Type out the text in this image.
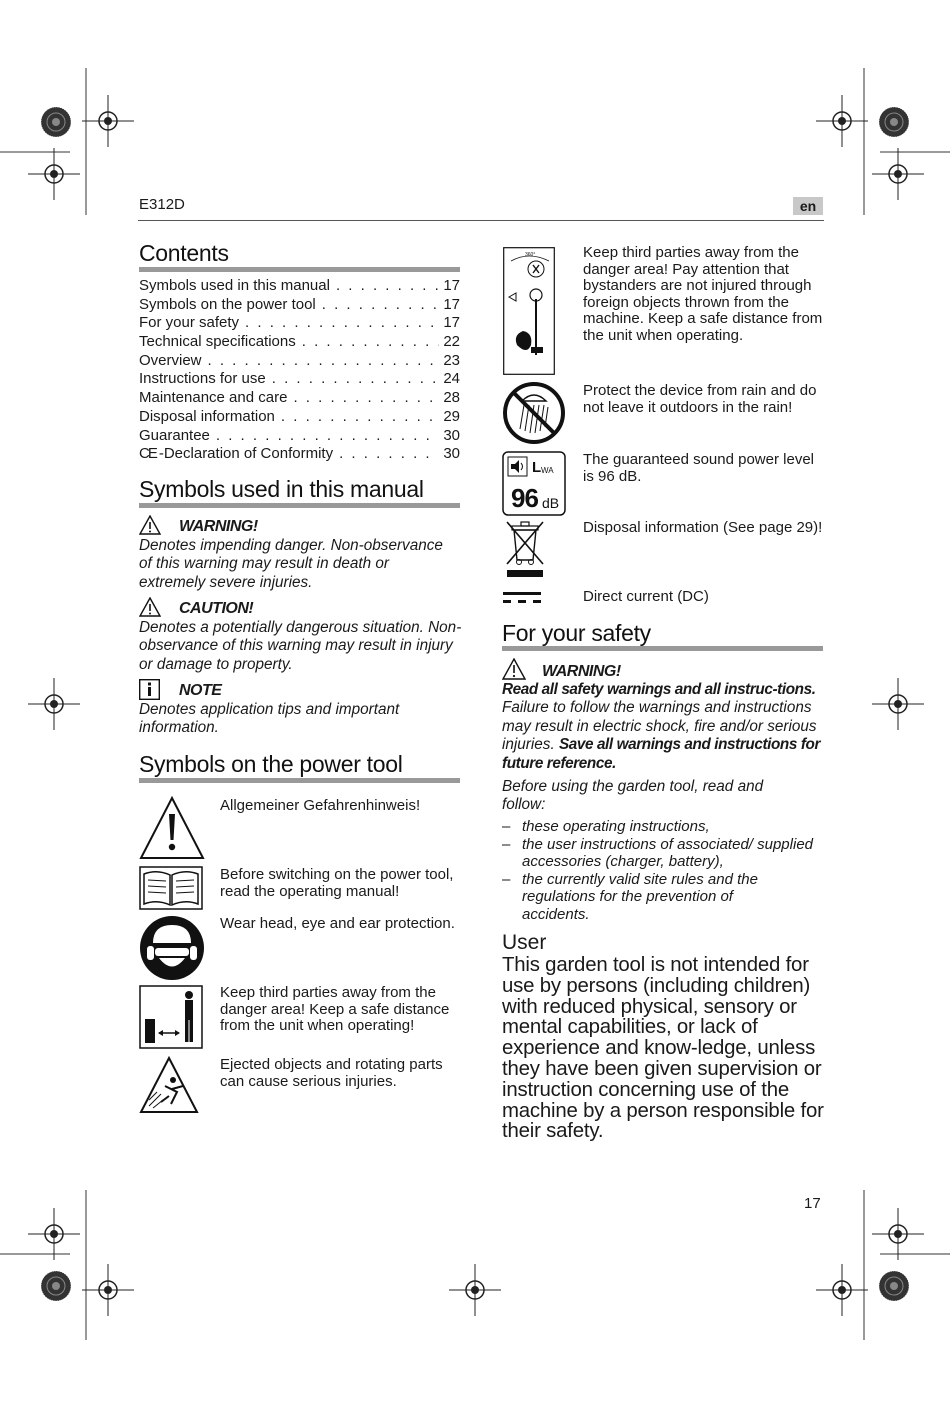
E312D	en
Contents
Symbols used in this manual . . .	17
Symbols on the power tool . . .	17
For your safety . . .	17
Technical specifications . . .	22
Overview . . .	23
Instructions for use . . .	24
Maintenance and care . . .	28
Disposal information . . .	29
Guarantee . . .	30
CE -Declaration of Conformity . . .	30
Symbols used in this manual
WARNING!
Denotes impending danger. Non-observance of this warning may result in death or extremely severe injuries.
CAUTION!
Denotes a potentially dangerous situation. Non-observance of this warning may result in injury or damage to property.
NOTE
Denotes application tips and important information.
Symbols on the power tool
Allgemeiner Gefahrenhinweis!
Before switching on the power tool, read the operating manual!
Wear head, eye and ear protection.
Keep third parties away from the danger area! Keep a safe distance from the unit when operating!
Ejected objects and rotating parts can cause serious injuries.
360°	Keep third parties away from the danger area! Pay attention that bystanders are not injured through foreign objects thrown from the machine. Keep a safe distance from the unit when operating.
Protect the device from rain and do not leave it outdoors in the rain!
L WA
96 dB
The guaranteed sound power level is 96 dB.
Disposal information (See page 29)!
Direct current (DC)
For your safety
WARNING!
Read all safety warnings and all instruc-tions. Failure to follow the warnings and instructions may result in electric shock, fire and/or serious injuries. Save all warnings and instructions for future reference.
Before using the garden tool, read and follow:
– these operating instructions,
– the user instructions of associated/ supplied accessories (charger, battery),
– the currently valid site rules and the regulations for the prevention of accidents.
User
This garden tool is not intended for use by persons (including children) with reduced physical, sensory or mental capabilities, or lack of experience and know-ledge, unless they have been given supervision or instruction concerning use of the machine by a person responsible for their safety.
17
